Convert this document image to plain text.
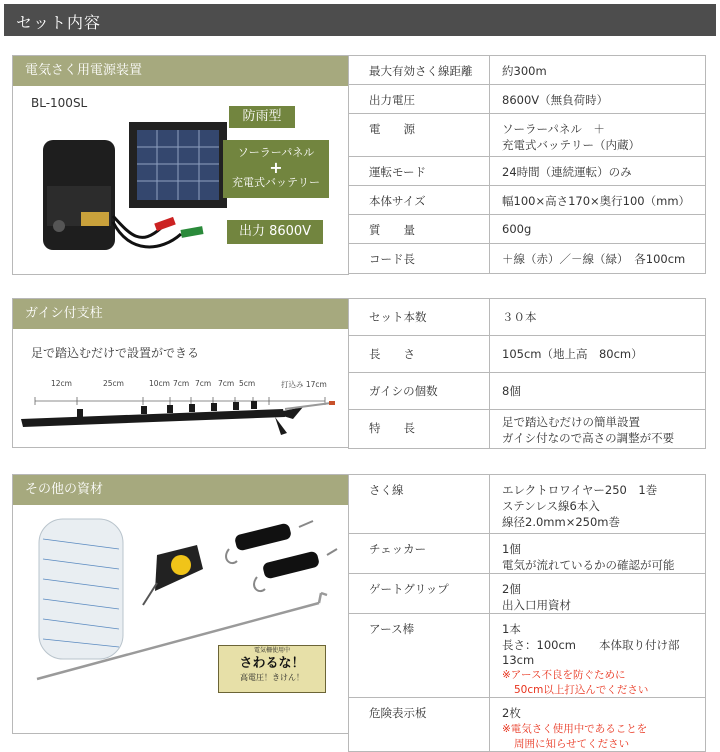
セット内容
電気さく用電源装置
BL-100SL
防雨型
ソーラーパネル
+
充電式バッテリー
出力 8600V
最大有効さく線距離	約300m
出力電圧	8600V（無負荷時）
電　　源	ソーラーパネル　＋
充電式バッテリー（内蔵）

運転モード	24時間（連続運転）のみ
本体サイズ	幅100×高さ170×奥行100（mm）
質　　量	600g
コード長	＋線（赤）／－線（緑）　各100cm
ガイシ付支柱
足で踏込むだけで設置ができる
12cm	25cm	10cm 7cm 7cm 7cm 5cm	打込み 17cm
セット本数	３０本
長　　さ	105cm（地上高　80cm）
ガイシの個数	8個
特　　長	足で踏込むだけの簡単設置
ガイシ付なので高さの調整が不要
その他の資材
電気柵使用中
さわるな！
高電圧！きけん！
さく線	エレクトロワイヤー250　1巻
ステンレス線6本入
線径2.0mm×250m巻

チェッカー	1個
電気が流れているかの確認が可能

ゲートグリップ	2個
出入口用資材

アース棒	1本
長さ：100cm　　本体取り付け部13cm
※アース不良を防ぐために
50cm以上打込んでください

危険表示板	2枚
※電気さく使用中であることを
周囲に知らせてください
